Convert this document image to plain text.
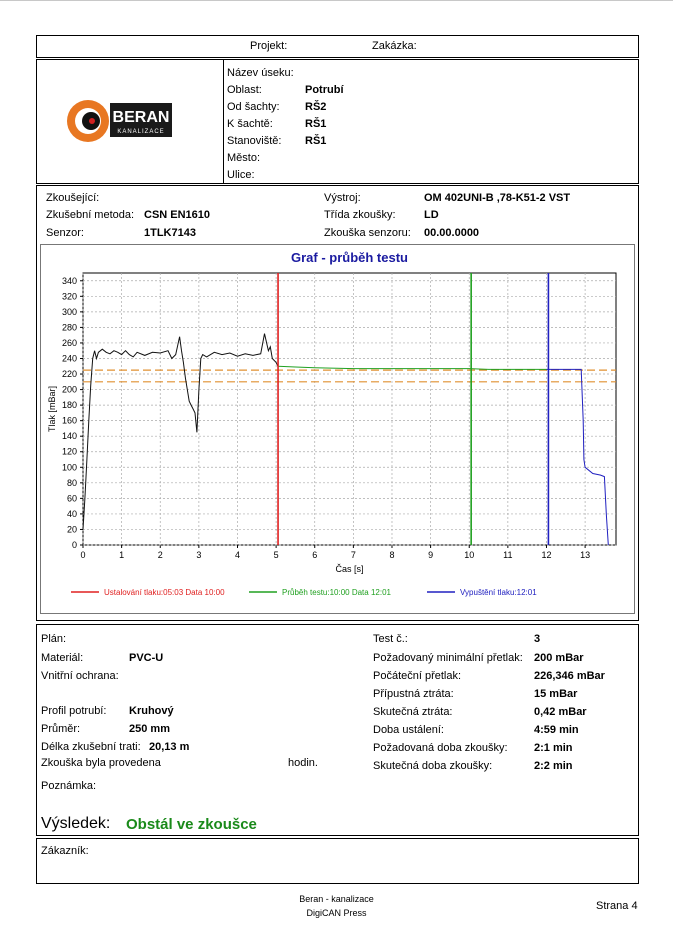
Projekt:	Zakázka:
BERAN
KANALIZACE
Název úseku:
Oblast:	Potrubí
Od šachty: RŠ2
K šachtě:	RŠ1
Stanoviště: RŠ1
Město:
Ulice:
Zkoušející:
Zkušební metoda: CSN EN1610
Senzor:	1TLK7143
Výstroj:	OM 402UNI-B ,78-K51-2 VST
Třída zkoušky:	LD
Zkouška senzoru: 00.00.0000
Graf - průběh testu
0	1	2	3	4	5	6	7	8	9	10	11	12	13
0
20
40
60
80
100
120
140
160
180
200
220
240
260
280
300
320
340
Čas [s]
Tlak [mBar]
Ustalování tlaku:05:03 Data 10:00	Průběh testu:10:00 Data 12:01	Vypuštění tlaku:12:01
Plán:
Materiál:	PVC-U
Vnitřní ochrana:
Profil potrubí: Kruhový
Průměr:	250 mm
Délka zkušební trati: 20,13 m
Zkouška byla provedena	hodin.
Poznámka:
Výsledek: Obstál ve zkoušce
Test č.:	3
Požadovaný minimální přetlak: 200 mBar
Počáteční přetlak:	226,346 mBar
Přípustná ztráta:	15 mBar
Skutečná ztráta:	0,42 mBar
Doba ustálení:	4:59 min
Požadovaná doba zkoušky: 2:1 min
Skutečná doba zkoušky:	2:2 min
Zákazník:
Beran - kanalizace
DigiCAN Press
Strana 4
